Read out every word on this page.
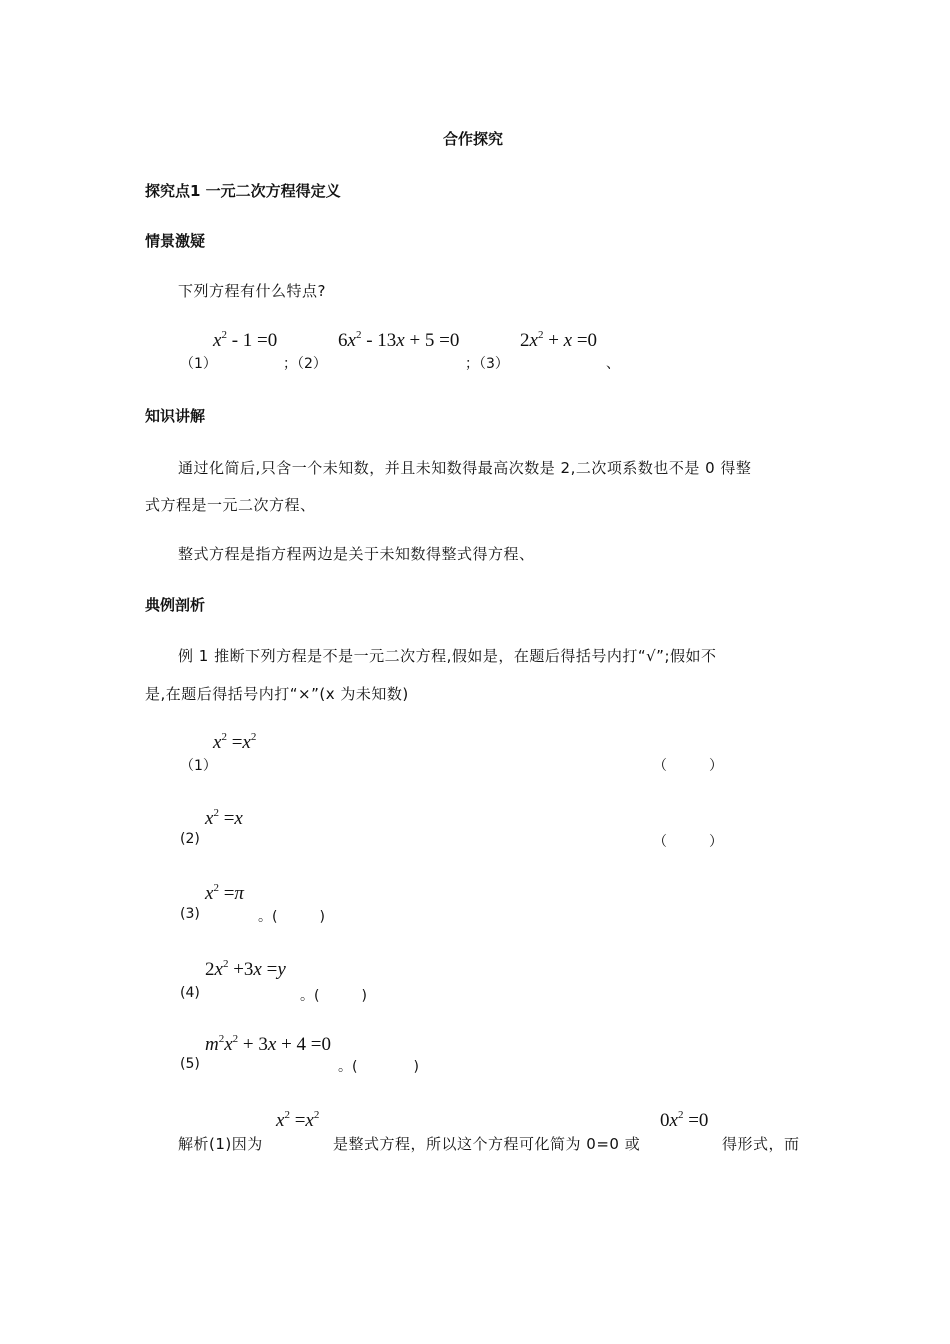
合作探究
探究点1 一元二次方程得定义
情景激疑
下列方程有什么特点?
$x^2 - 1 =0$	$6x^2 - 13x + 5 =0$	$2x^2 + x =0$
（1）	；（2）	；（3）	、
知识讲解
通过化简后,只含一个未知数，并且未知数得最高次数是 2,二次项系数也不是 0 得整
式方程是一元二次方程、
整式方程是指方程两边是关于未知数得整式得方程、
典例剖析
例 1 推断下列方程是不是一元二次方程,假如是，在题后得括号内打“√”;假如不
是,在题后得括号内打“×”(x 为未知数)
$x^2 =x^2$
（1）	（　　　）
$x^2 =x$
(2)	（　　　）
$x^2 =\pi$
(3)	。(　　　)
$2x^2 +3x =y$
(4)	。(　　　)
$m^2x^2 + 3x + 4 =0$
(5)	。(　　　　)
$x^2 =x^2$	$0x^2 =0$
解析(1)因为	是整式方程，所以这个方程可化简为 0=0 或	得形式，而
